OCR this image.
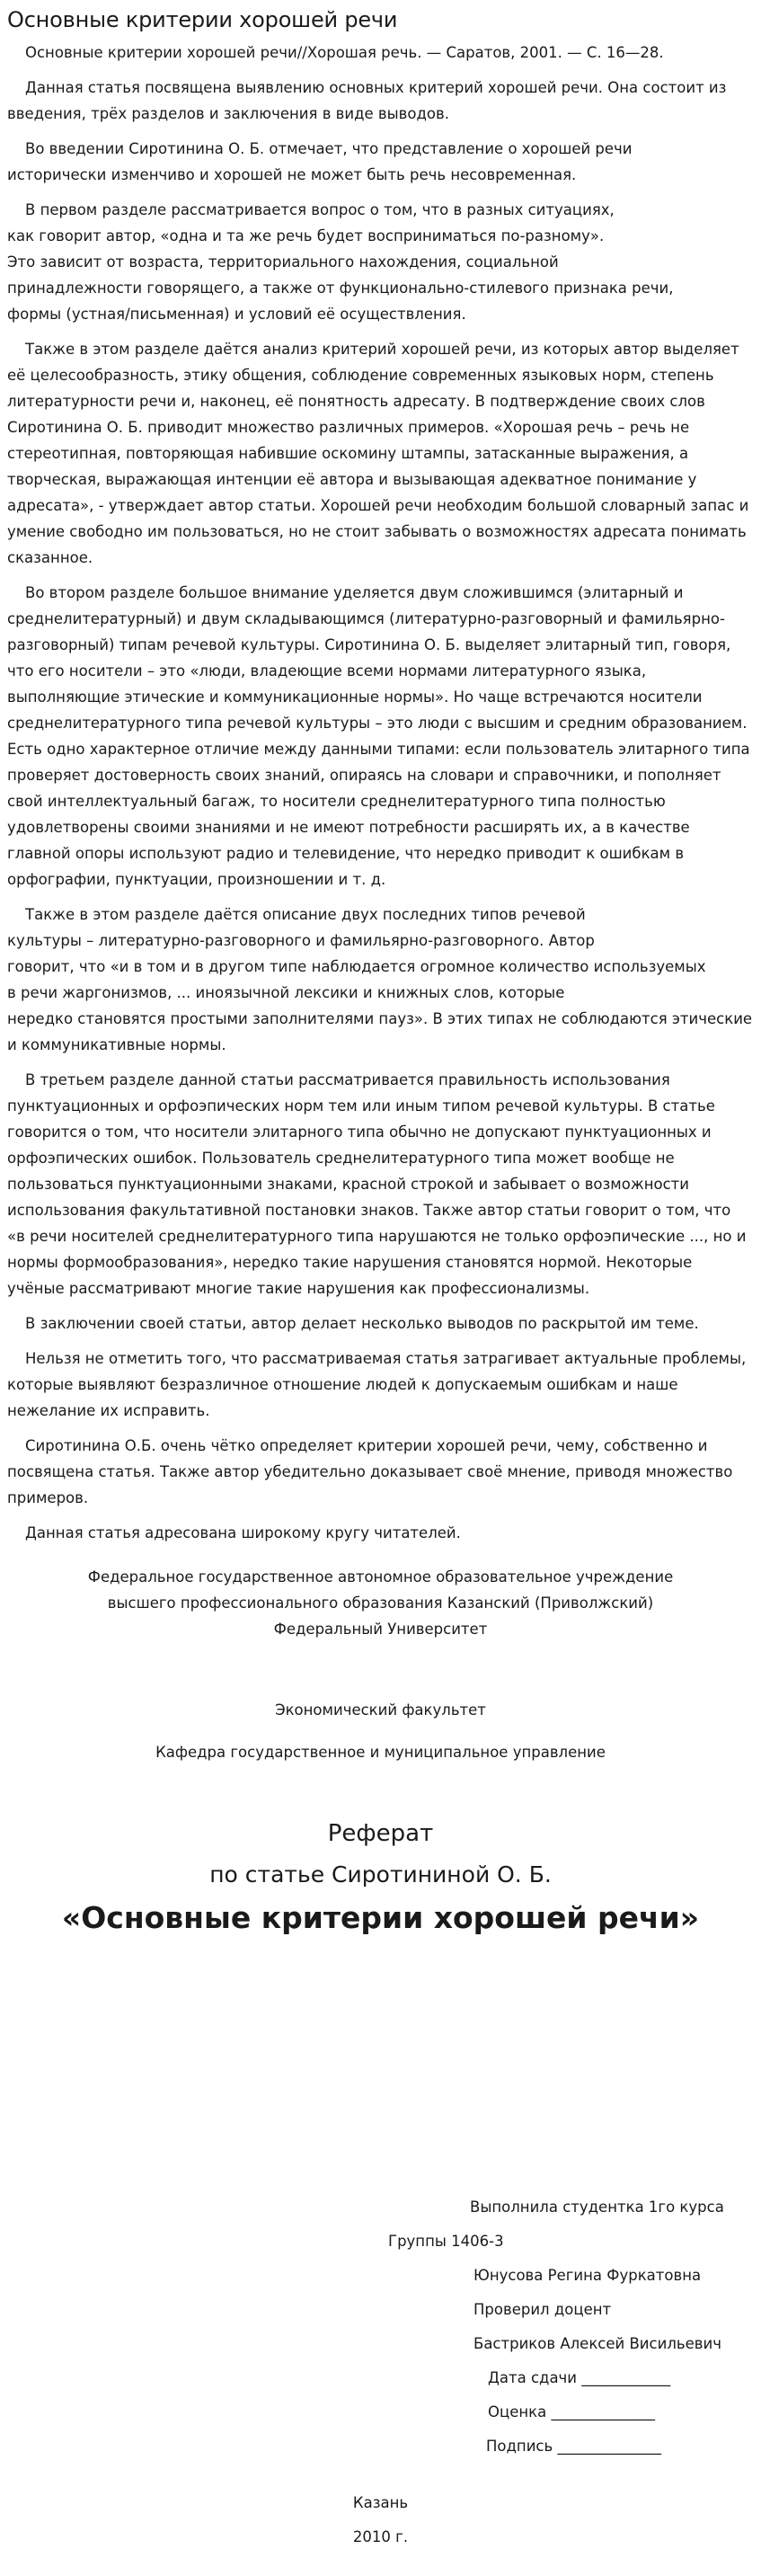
Основные критерии хорошей речи

Основные критерии хорошей речи//Хорошая речь. — Саратов, 2001. — С. 16—28.

Данная статья посвящена выявлению основных критерий хорошей речи. Она состоит из введения, трёх разделов и заключения в виде выводов.

Во введении Сиротинина О. Б. отмечает, что представление о хорошей речи
исторически изменчиво и хорошей не может быть речь несовременная.

В первом разделе рассматривается вопрос о том, что в разных ситуациях,
как говорит автор, «одна и та же речь будет восприниматься по-разному».
Это зависит от возраста, территориального нахождения, социальной
принадлежности говорящего, а также от функционально-стилевого признака речи,
формы (устная/письменная) и условий её осуществления.

Также в этом разделе даётся анализ критерий хорошей речи, из которых автор выделяет её целесообразность, этику общения, соблюдение современных языковых норм, степень литературности речи и, наконец, её понятность адресату. В подтверждение своих слов Сиротинина О. Б. приводит множество различных примеров. «Хорошая речь – речь не стереотипная, повторяющая набившие оскомину штампы, затасканные выражения, а творческая, выражающая интенции её автора и вызывающая адекватное понимание у адресата», - утверждает автор статьи. Хорошей речи необходим большой словарный запас и умение свободно им пользоваться, но не стоит забывать о возможностях адресата понимать сказанное.

Во втором разделе большое внимание уделяется двум сложившимся (элитарный и среднелитературный) и двум складывающимся (литературно-разговорный и фамильярно-разговорный) типам речевой культуры. Сиротинина О. Б. выделяет элитарный тип, говоря, что его носители – это «люди, владеющие всеми нормами литературного языка, выполняющие этические и коммуникационные нормы». Но чаще встречаются носители среднелитературного типа речевой культуры – это люди с высшим и средним образованием. Есть одно характерное отличие между данными типами: если пользователь элитарного типа проверяет достоверность своих знаний, опираясь на словари и справочники, и пополняет свой интеллектуальный багаж, то носители среднелитературного типа полностью удовлетворены своими знаниями и не имеют потребности расширять их, а в качестве главной опоры используют радио и телевидение, что нередко приводит к ошибкам в орфографии, пунктуации, произношении и т. д.

Также в этом разделе даётся описание двух последних типов речевой
культуры – литературно-разговорного и фамильярно-разговорного. Автор
говорит, что «и в том и в другом типе наблюдается огромное количество используемых
в речи жаргонизмов, ... иноязычной лексики и книжных слов, которые
нередко становятся простыми заполнителями пауз». В этих типах не соблюдаются этические и коммуникативные нормы.

В третьем разделе данной статьи рассматривается правильность использования пунктуационных и орфоэпических норм тем или иным типом речевой культуры. В статье говорится о том, что носители элитарного типа обычно не допускают пунктуационных и орфоэпических ошибок. Пользователь среднелитературного типа может вообще не пользоваться пунктуационными знаками, красной строкой и забывает о возможности использования факультативной постановки знаков. Также автор статьи говорит о том, что «в речи носителей среднелитературного типа нарушаются не только орфоэпические ..., но и нормы формообразования», нередко такие нарушения становятся нормой. Некоторые учёные рассматривают многие такие нарушения как профессионализмы.

В заключении своей статьи, автор делает несколько выводов по раскрытой им теме.

Нельзя не отметить того, что рассматриваемая статья затрагивает актуальные проблемы, которые выявляют безразличное отношение людей к допускаемым ошибкам и наше нежелание их исправить.

Сиротинина О.Б. очень чётко определяет критерии хорошей речи, чему, собственно и посвящена статья. Также автор убедительно доказывает своё мнение, приводя множество примеров.

Данная статья адресована широкому кругу читателей.

Федеральное государственное автономное образовательное учреждение
высшего профессионального образования Казанский (Приволжский)
Федеральный Университет
Экономический факультет
Кафедра государственное и муниципальное управление
Реферат
по статье Сиротининой О. Б.
«Основные критерии хорошей речи»
Выполнила студентка 1го курса
Группы 1406-3
Юнусова Регина Фуркатовна
Проверил доцент
Бастриков Алексей Висильевич
Дата сдачи ____________
Оценка ______________
Подпись ______________
Казань
2010 г.
